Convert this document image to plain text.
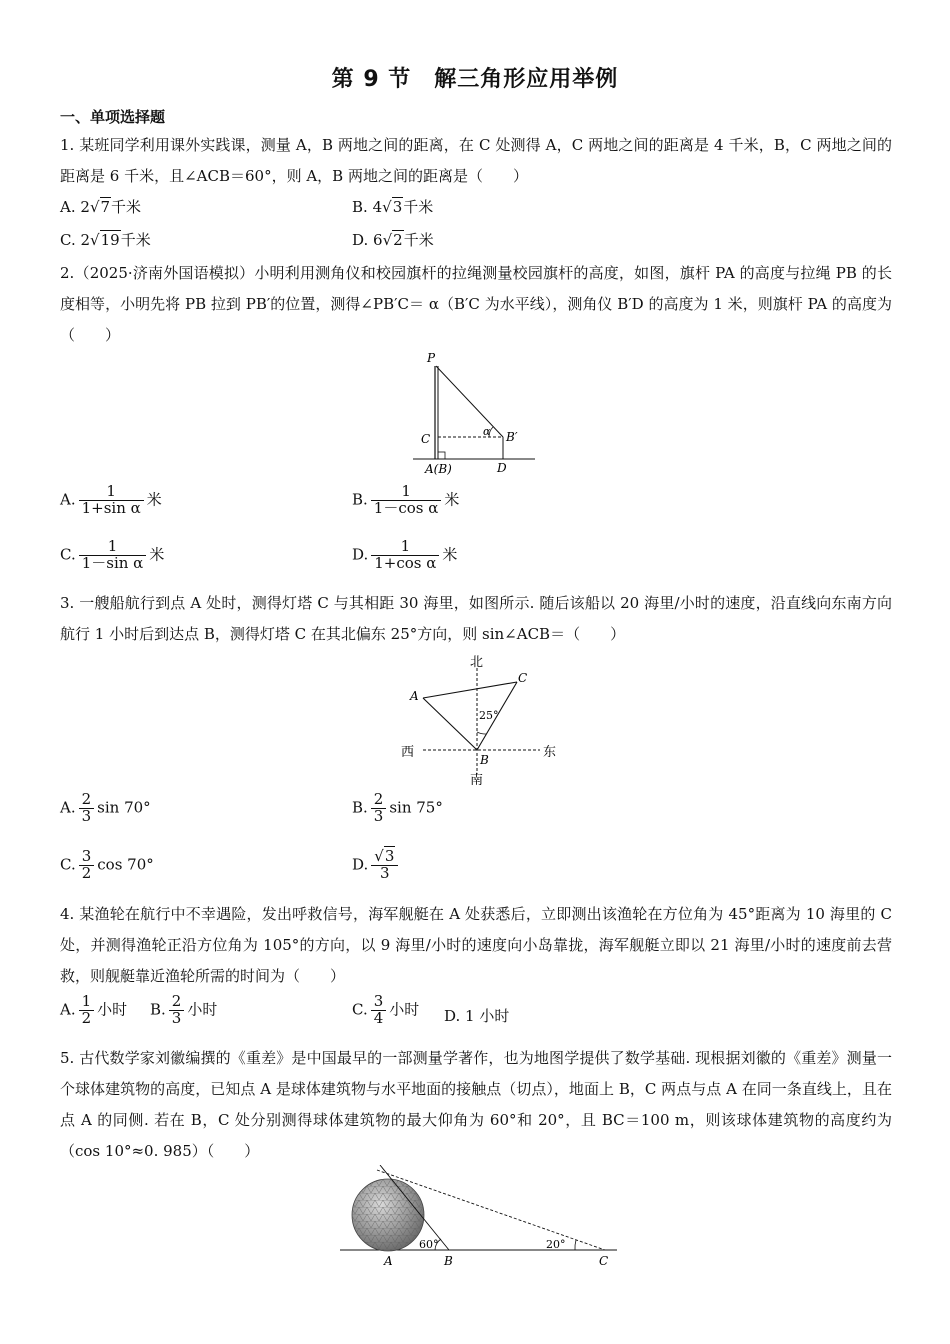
第 9 节　解三角形应用举例
一、单项选择题
1. 某班同学利用课外实践课，测量 A，B 两地之间的距离，在 C 处测得 A，C 两地之间的距离是 4 千米，B，C 两地之间的距离是 6 千米，且∠ACB＝60°，则 A，B 两地之间的距离是（　　）
A. 2√7千米	B. 4√3千米
C. 2√19千米	D. 6√2千米
2.（2025·济南外国语模拟）小明利用测角仪和校园旗杆的拉绳测量校园旗杆的高度，如图，旗杆 PA 的高度与拉绳 PB 的长度相等，小明先将 PB 拉到 PB′的位置，测得∠PB′C＝ α（B′C 为水平线），测角仪 B′D 的高度为 1 米，则旗杆 PA 的高度为（　　）
P
C
A(B)	D
B′
α
A. $\frac{1}{\text{1+sin α}}$ 米	B. $\frac{1}{\text{1－cos α}}$ 米
C. $\frac{1}{\text{1－sin α}}$ 米	D. $\frac{1}{\text{1+cos α}}$ 米
3. 一艘船航行到点 A 处时，测得灯塔 C 与其相距 30 海里，如图所示. 随后该船以 20 海里/小时的速度，沿直线向东南方向航行 1 小时后到达点 B，测得灯塔 C 在其北偏东 25°方向，则 sin∠ACB＝（　　）
北
南
西	东
A
B
C
25°
A. $\frac{2}{3}$ sin 70°	B. $\frac{2}{3}$ sin 75°
C. $\frac{3}{2}$ cos 70°	D. $\frac{√3}{3}$
4. 某渔轮在航行中不幸遇险，发出呼救信号，海军舰艇在 A 处获悉后，立即测出该渔轮在方位角为 45°距离为 10 海里的 C 处，并测得渔轮正沿方位角为 105°的方向，以 9 海里/小时的速度向小岛靠拢，海军舰艇立即以 21 海里/小时的速度前去营救，则舰艇靠近渔轮所需的时间为（　　）
A. $\frac{1}{2}$ 小时 B. $\frac{2}{3}$ 小时	C. $\frac{3}{4}$ 小时 D. 1 小时
5. 古代数学家刘徽编撰的《重差》是中国最早的一部测量学著作，也为地图学提供了数学基础. 现根据刘徽的《重差》测量一个球体建筑物的高度，已知点 A 是球体建筑物与水平地面的接触点（切点），地面上 B，C 两点与点 A 在同一条直线上，且在点 A 的同侧. 若在 B，C 处分别测得球体建筑物的最大仰角为 60°和 20°，且 BC＝100 m，则该球体建筑物的高度约为（cos 10°≈0. 985）（　　）
A	B	C
60°	20°
